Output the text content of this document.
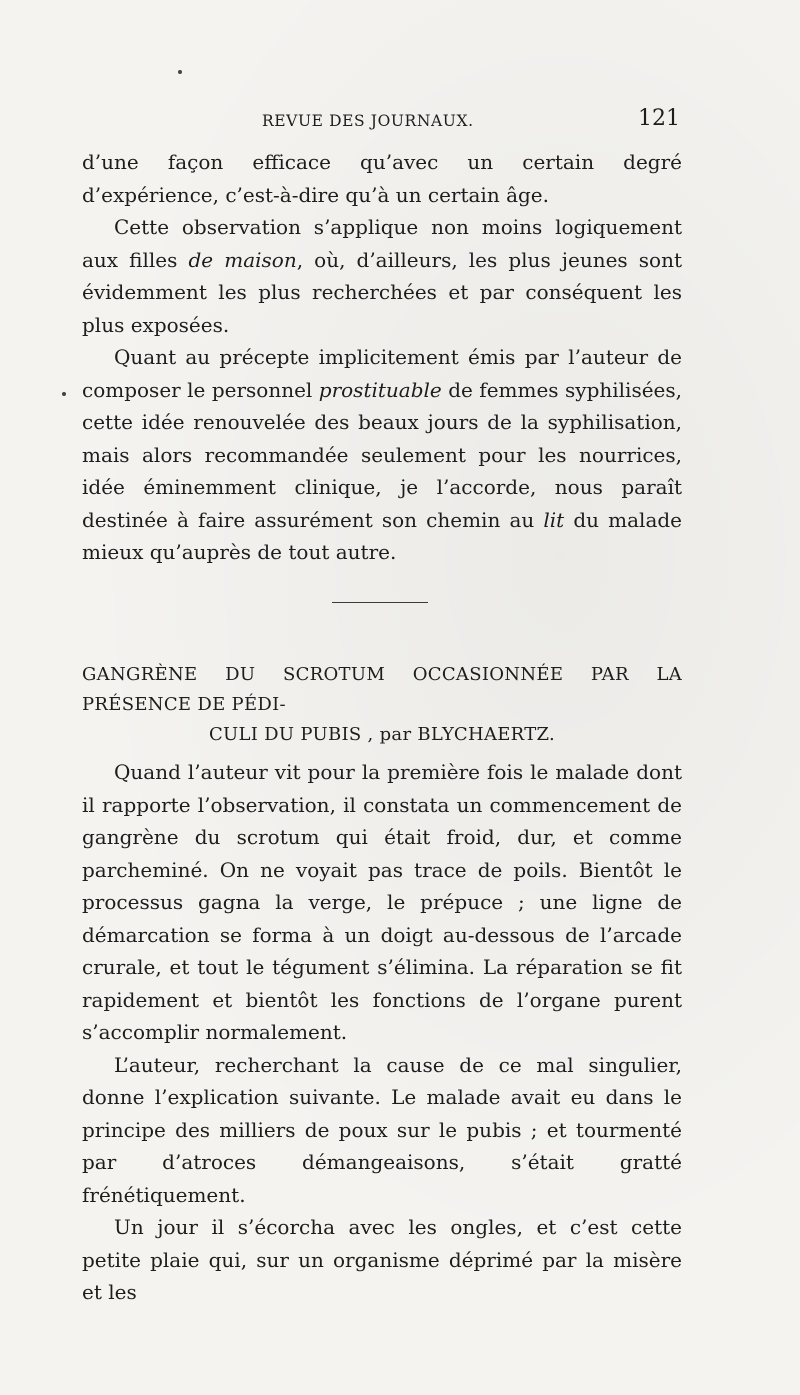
REVUE DES JOURNAUX.	121

d’une façon efficace qu’avec un certain degré d’expérience, c’est-à-dire qu’à un certain âge.

Cette observation s’applique non moins logiquement aux filles de maison, où, d’ailleurs, les plus jeunes sont évidemment les plus recherchées et par conséquent les plus exposées.

Quant au précepte implicitement émis par l’auteur de composer le personnel prostituable de femmes syphilisées, cette idée renouvelée des beaux jours de la syphilisation, mais alors recommandée seulement pour les nourrices, idée éminemment clinique, je l’accorde, nous paraît destinée à faire assurément son chemin au lit du malade mieux qu’auprès de tout autre.

GANGRÈNE DU SCROTUM OCCASIONNÉE PAR LA PRÉSENCE DE PÉDI-
CULI DU PUBIS , par BLYCHAERTZ.

Quand l’auteur vit pour la première fois le malade dont il rapporte l’observation, il constata un commencement de gangrène du scrotum qui était froid, dur, et comme parcheminé. On ne voyait pas trace de poils. Bientôt le processus gagna la verge, le prépuce ; une ligne de démarcation se forma à un doigt au-dessous de l’arcade crurale, et tout le tégument s’élimina. La réparation se fit rapidement et bientôt les fonctions de l’organe purent s’accomplir normalement.

L’auteur, recherchant la cause de ce mal singulier, donne l’explication suivante. Le malade avait eu dans le principe des milliers de poux sur le pubis ; et tourmenté par d’atroces démangeaisons, s’était gratté frénétiquement.

Un jour il s’écorcha avec les ongles, et c’est cette petite plaie qui, sur un organisme déprimé par la misère et les
